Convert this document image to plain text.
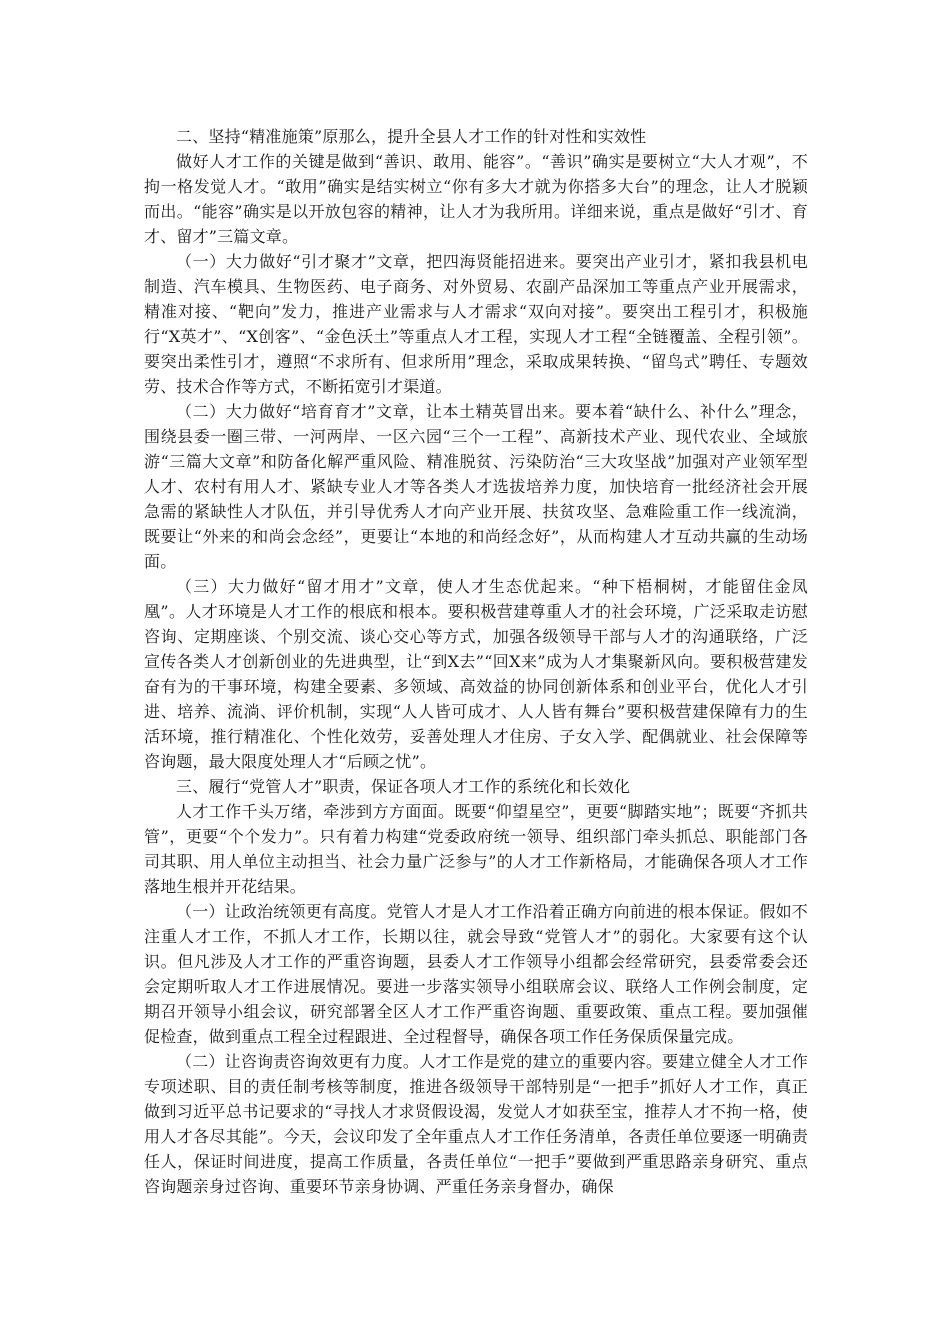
二、坚持“精准施策”原那么，提升全县人才工作的针对性和实效性

做好人才工作的关键是做到“善识、敢用、能容”。“善识”确实是要树立“大人才观”，不拘一格发觉人才。“敢用”确实是结实树立“你有多大才就为你搭多大台”的理念，让人才脱颖而出。“能容”确实是以开放包容的精神，让人才为我所用。详细来说，重点是做好“引才、育才、留才”三篇文章。

（一）大力做好“引才聚才”文章，把四海贤能招进来。要突出产业引才，紧扣我县机电制造、汽车模具、生物医药、电子商务、对外贸易、农副产品深加工等重点产业开展需求，精准对接、“靶向”发力，推进产业需求与人才需求“双向对接”。要突出工程引才，积极施行“X英才”、“X创客”、“金色沃土”等重点人才工程，实现人才工程“全链覆盖、全程引领”。要突出柔性引才，遵照“不求所有、但求所用”理念，采取成果转换、“留鸟式”聘任、专题效劳、技术合作等方式，不断拓宽引才渠道。

（二）大力做好“培育育才”文章，让本土精英冒出来。要本着“缺什么、补什么”理念，围绕县委一圈三带、一河两岸、一区六园“三个一工程”、高新技术产业、现代农业、全域旅游“三篇大文章”和防备化解严重风险、精准脱贫、污染防治“三大攻坚战”加强对产业领军型人才、农村有用人才、紧缺专业人才等各类人才选拔培养力度，加快培育一批经济社会开展急需的紧缺性人才队伍，并引导优秀人才向产业开展、扶贫攻坚、急难险重工作一线流淌，既要让“外来的和尚会念经”，更要让“本地的和尚经念好”，从而构建人才互动共赢的生动场面。

（三）大力做好“留才用才”文章，使人才生态优起来。“种下梧桐树，才能留住金凤凰”。人才环境是人才工作的根底和根本。要积极营建尊重人才的社会环境，广泛采取走访慰咨询、定期座谈、个别交流、谈心交心等方式，加强各级领导干部与人才的沟通联络，广泛宣传各类人才创新创业的先进典型，让“到X去”“回X来”成为人才集聚新风向。要积极营建发奋有为的干事环境，构建全要素、多领域、高效益的协同创新体系和创业平台，优化人才引进、培养、流淌、评价机制，实现“人人皆可成才、人人皆有舞台”要积极营建保障有力的生活环境，推行精准化、个性化效劳，妥善处理人才住房、子女入学、配偶就业、社会保障等咨询题，最大限度处理人才“后顾之忧”。

三、履行“党管人才”职责，保证各项人才工作的系统化和长效化

人才工作千头万绪，牵涉到方方面面。既要“仰望星空”，更要“脚踏实地”；既要“齐抓共管”，更要“个个发力”。只有着力构建“党委政府统一领导、组织部门牵头抓总、职能部门各司其职、用人单位主动担当、社会力量广泛参与”的人才工作新格局，才能确保各项人才工作落地生根并开花结果。

（一）让政治统领更有高度。党管人才是人才工作沿着正确方向前进的根本保证。假如不注重人才工作，不抓人才工作，长期以往，就会导致“党管人才”的弱化。大家要有这个认识。但凡涉及人才工作的严重咨询题，县委人才工作领导小组都会经常研究，县委常委会还会定期听取人才工作进展情况。要进一步落实领导小组联席会议、联络人工作例会制度，定期召开领导小组会议，研究部署全区人才工作严重咨询题、重要政策、重点工程。要加强催促检查，做到重点工程全过程跟进、全过程督导，确保各项工作任务保质保量完成。

（二）让咨询责咨询效更有力度。人才工作是党的建立的重要内容。要建立健全人才工作专项述职、目的责任制考核等制度，推进各级领导干部特别是“一把手”抓好人才工作，真正做到习近平总书记要求的“寻找人才求贤假设渴，发觉人才如获至宝，推荐人才不拘一格，使用人才各尽其能”。今天，会议印发了全年重点人才工作任务清单，各责任单位要逐一明确责任人，保证时间进度，提高工作质量，各责任单位“一把手”要做到严重思路亲身研究、重点咨询题亲身过咨询、重要环节亲身协调、严重任务亲身督办，确保
